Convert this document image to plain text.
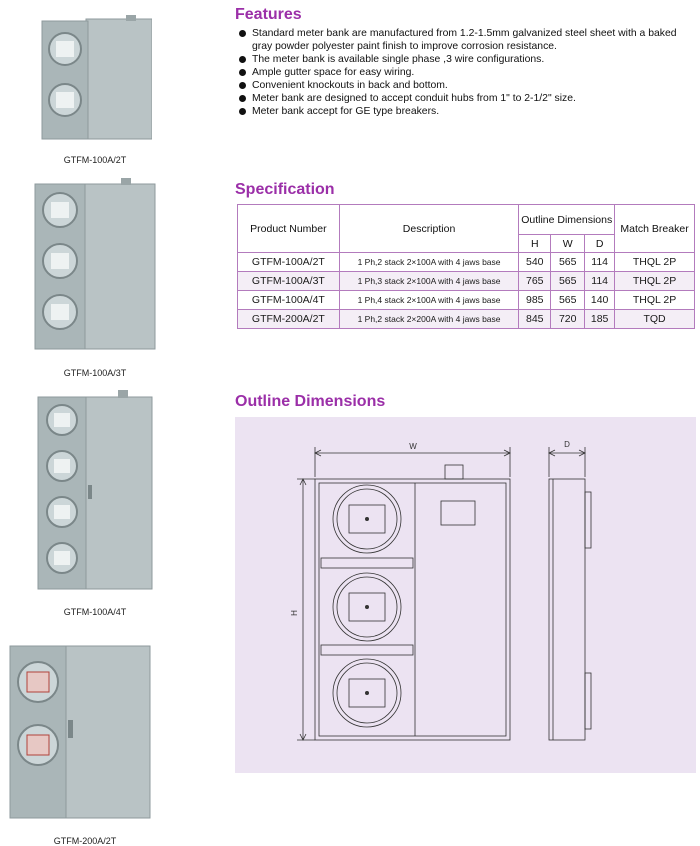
GTFM-100A/2T
GTFM-100A/3T
GTFM-100A/4T
GTFM-200A/2T
Features
Standard meter bank are manufactured from 1.2-1.5mm galvanized steel sheet with a baked gray powder polyester paint finish to improve corrosion resistance.
The meter bank is available single phase ,3 wire configurations.
Ample gutter space for easy wiring.
Convenient knockouts in back and bottom.
Meter bank are designed to accept conduit hubs from 1" to 2-1/2" size.
Meter bank accept for GE type breakers.
Specification
Product Number	Description	Outline Dimensions			Match Breaker
		H	W	D	
GTFM-100A/2T	1 Ph,2 stack 2×100A with 4 jaws base	540	565	114	THQL 2P
GTFM-100A/3T	1 Ph,3 stack 2×100A with 4 jaws base	765	565	114	THQL 2P
GTFM-100A/4T	1 Ph,4 stack 2×100A with 4 jaws base	985	565	140	THQL 2P
GTFM-200A/2T	1 Ph,2 stack 2×200A with 4 jaws base	845	720	185	TQD
Outline Dimensions
W	D
H
